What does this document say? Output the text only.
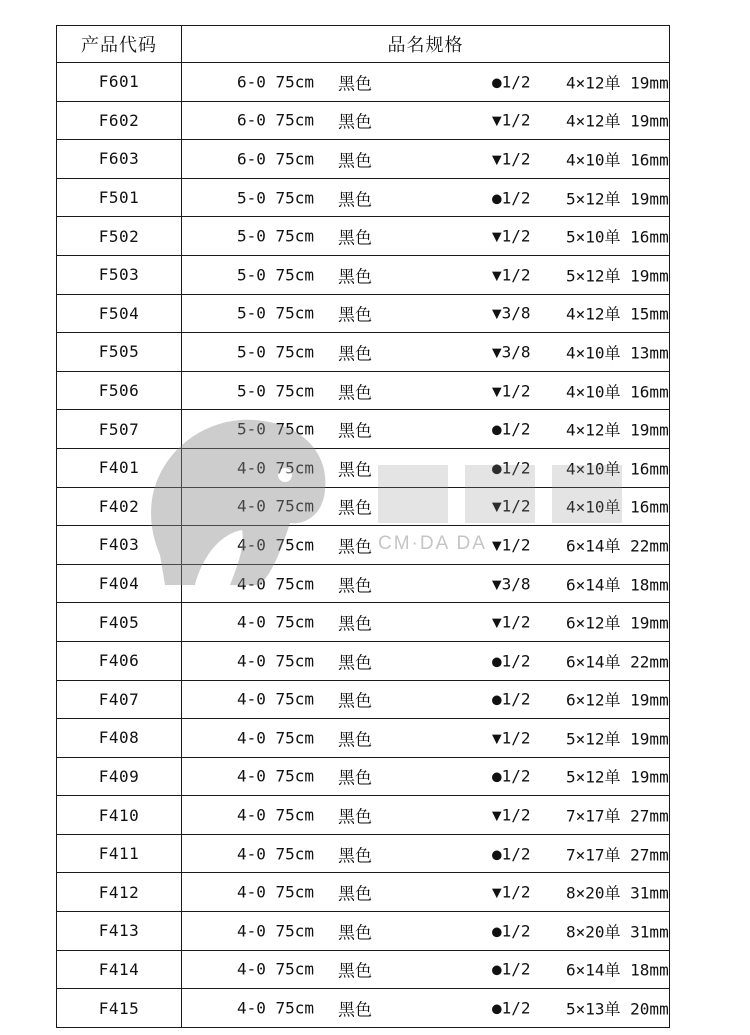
产品代码	品名规格
F601	6-0 75cm 黑色 ●1/2 4×12单 19mm

F602	6-0 75cm 黑色 ▼1/2 4×12单 19mm

F603	6-0 75cm 黑色 ▼1/2 4×10单 16mm

F501	5-0 75cm 黑色 ●1/2 5×12单 19mm

F502	5-0 75cm 黑色 ▼1/2 5×10单 16mm

F503	5-0 75cm 黑色 ▼1/2 5×12单 19mm

F504	5-0 75cm 黑色 ▼3/8 4×12单 15mm

F505	5-0 75cm 黑色 ▼3/8 4×10单 13mm

F506	5-0 75cm 黑色 ▼1/2 4×10单 16mm

F507	5-0 75cm 黑色 ●1/2 4×12单 19mm

F401	4-0 75cm 黑色 ●1/2 4×10单 16mm

F402	4-0 75cm 黑色 ▼1/2 4×10单 16mm

F403	4-0 75cm 黑色 ▼1/2 6×14单 22mm

F404	4-0 75cm 黑色 ▼3/8 6×14单 18mm

F405	4-0 75cm 黑色 ▼1/2 6×12单 19mm

F406	4-0 75cm 黑色 ●1/2 6×14单 22mm

F407	4-0 75cm 黑色 ●1/2 6×12单 19mm

F408	4-0 75cm 黑色 ▼1/2 5×12单 19mm

F409	4-0 75cm 黑色 ●1/2 5×12单 19mm

F410	4-0 75cm 黑色 ▼1/2 7×17单 27mm

F411	4-0 75cm 黑色 ●1/2 7×17单 27mm

F412	4-0 75cm 黑色 ▼1/2 8×20单 31mm

F413	4-0 75cm 黑色 ●1/2 8×20单 31mm

F414	4-0 75cm 黑色 ●1/2 6×14单 18mm

F415	4-0 75cm 黑色 ●1/2 5×13单 20mm
CM·DA DA
